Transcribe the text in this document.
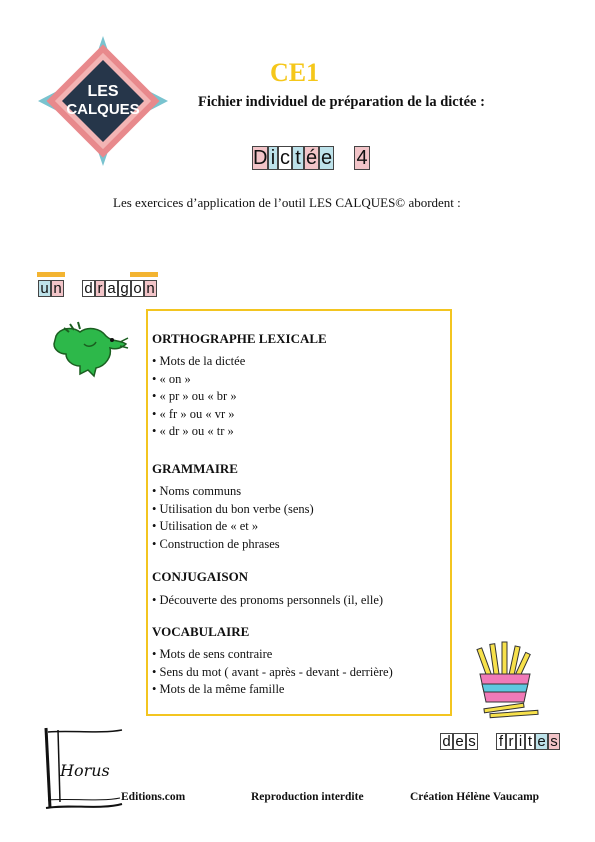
LES
CALQUES
CE1
Fichier individuel de préparation de la dictée :
D i c t é e 4
Les exercices d’application de l’outil LES CALQUES© abordent :
u n d r a g o n
ORTHOGRAPHE LEXICALE
• Mots de la dictée
• « on »
• « pr » ou « br »
• « fr » ou « vr »
• « dr » ou « tr »
GRAMMAIRE
• Noms communs
• Utilisation du bon verbe (sens)
• Utilisation de « et »
• Construction de phrases
CONJUGAISON
• Découverte des pronoms personnels (il, elle)
VOCABULAIRE
• Mots de sens contraire
• Sens du mot ( avant - après - devant - derrière)
• Mots de la même famille
d e s f r i t e s
Horus
Editions.com	Reproduction interdite	Création Hélène Vaucamp
